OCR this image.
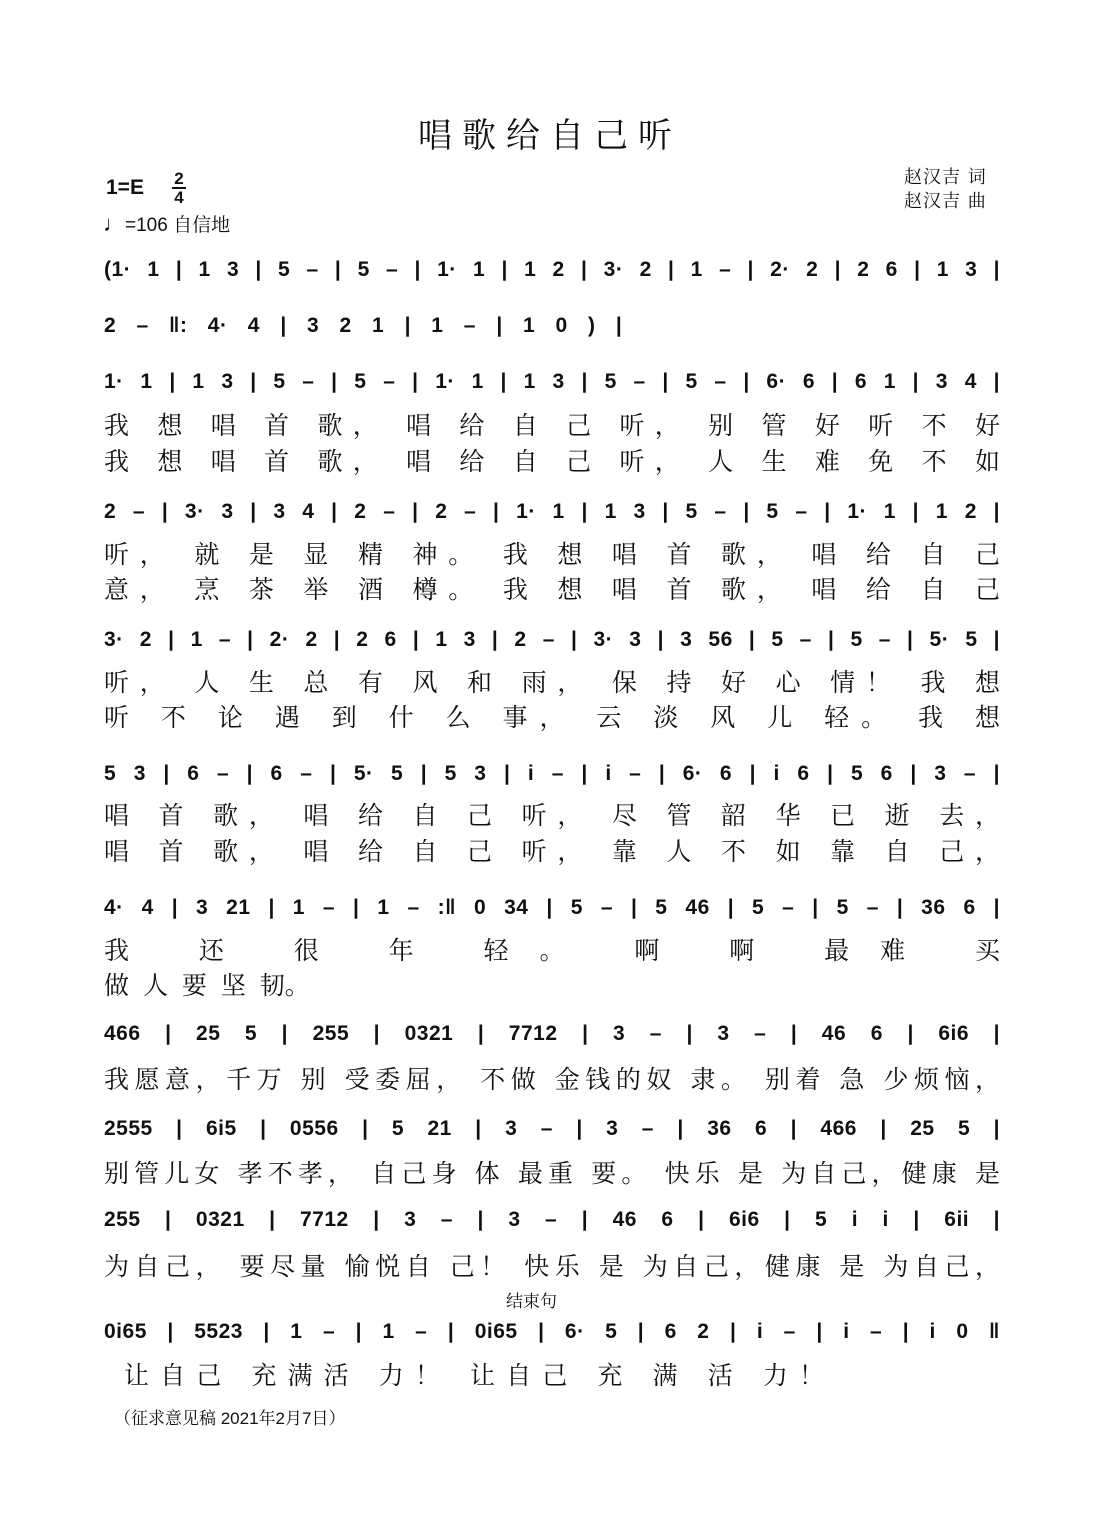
唱歌给自己听
赵汉吉 词
赵汉吉 曲
1=E 2
4
♩=106 自信地
(1· 1 | 1 3 | 5 – | 5 – | 1· 1 | 1 2 | 3· 2 | 1 – | 2· 2 | 2 6 | 1 3 |
2 – ‖: 4· 4 | 3 2 1 | 1 – | 1 0 ) |
1· 1 | 1 3 | 5 – | 5 – | 1· 1 | 1 3 | 5 – | 5 – | 6· 6 | 6 1 | 3 4 |
我 想 唱 首 歌， 唱 给 自 己 听， 别 管 好 听 不 好
我 想 唱 首 歌， 唱 给 自 己 听， 人 生 难 免 不 如
2 – | 3· 3 | 3 4 | 2 – | 2 – | 1· 1 | 1 3 | 5 – | 5 – | 1· 1 | 1 2 |
听， 就 是 显 精 神。 我 想 唱 首 歌， 唱 给 自 己
意， 烹 茶 举 酒 樽。 我 想 唱 首 歌， 唱 给 自 己
3· 2 | 1 – | 2· 2 | 2 6 | 1 3 | 2 – | 3· 3 | 3 56 | 5 – | 5 – | 5· 5 |
听， 人 生 总 有 风 和 雨， 保 持 好 心 情！ 我 想
听 不 论 遇 到 什 么 事， 云 淡 风 儿 轻。 我 想
5 3 | 6 – | 6 – | 5· 5 | 5 3 | i – | i – | 6· 6 | i 6 | 5 6 | 3 – |
唱 首 歌， 唱 给 自 己 听， 尽 管 韶 华 已 逝 去，
唱 首 歌， 唱 给 自 己 听， 靠 人 不 如 靠 自 己，
4· 4 | 3 21 | 1 – | 1 – :‖ 0 34 | 5 – | 5 46 | 5 – | 5 – | 36 6 |
我 还 很 年 轻。 啊 啊 最难 买
做 人 要 坚 韧。
466 | 25 5 | 255 | 0321 | 7712 | 3 – | 3 – | 46 6 | 6i6 |
我愿意，千万 别 受委屈， 不做 金钱的奴 隶。 别着 急 少烦恼，
2555 | 6i5 | 0556 | 5 21 | 3 – | 3 – | 36 6 | 466 | 25 5 |
别管儿女 孝不孝， 自己身 体 最重 要。 快乐 是 为自己，健康 是
255 | 0321 | 7712 | 3 – | 3 – | 46 6 | 6i6 | 5 i i | 6ii |
为自己， 要尽量 愉悦自 己！ 快乐 是 为自己，健康 是 为自己，
结束句
0i65 | 5523 | 1 – | 1 – | 0i65 | 6· 5 | 6 2 | i – | i – | i 0 ‖
让自己 充满活 力！ 让自己 充 满 活 力！
（征求意见稿 2021年2月7日）
